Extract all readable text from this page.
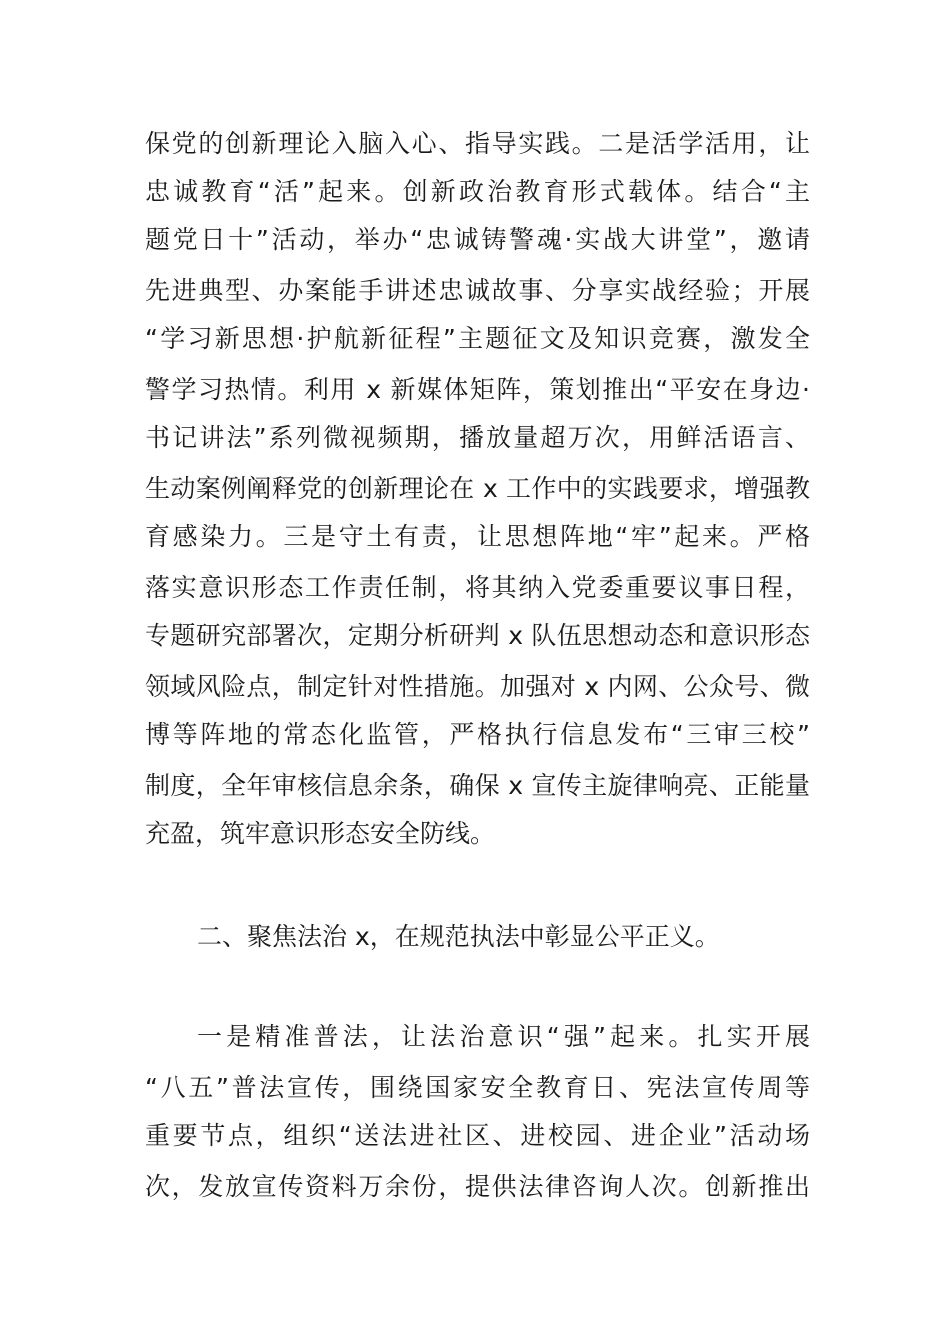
保党的创新理论入脑入心、指导实践。二是活学活用，让
忠诚教育“活”起来。创新政治教育形式载体。结合“主
题党日十”活动，举办“忠诚铸警魂·实战大讲堂”，邀请
先进典型、办案能手讲述忠诚故事、分享实战经验；开展
“学习新思想·护航新征程”主题征文及知识竞赛，激发全
警学习热情。利用 x 新媒体矩阵，策划推出“平安在身边·
书记讲法”系列微视频期，播放量超万次，用鲜活语言、
生动案例阐释党的创新理论在 x 工作中的实践要求，增强教
育感染力。三是守土有责，让思想阵地“牢”起来。严格
落实意识形态工作责任制，将其纳入党委重要议事日程，
专题研究部署次，定期分析研判 x 队伍思想动态和意识形态
领域风险点，制定针对性措施。加强对 x 内网、公众号、微
博等阵地的常态化监管，严格执行信息发布“三审三校”
制度，全年审核信息余条，确保 x 宣传主旋律响亮、正能量
充盈，筑牢意识形态安全防线。
二、聚焦法治 x，在规范执法中彰显公平正义。
一是精准普法，让法治意识“强”起来。扎实开展
“八五”普法宣传，围绕国家安全教育日、宪法宣传周等
重要节点，组织“送法进社区、进校园、进企业”活动场
次，发放宣传资料万余份，提供法律咨询人次。创新推出
